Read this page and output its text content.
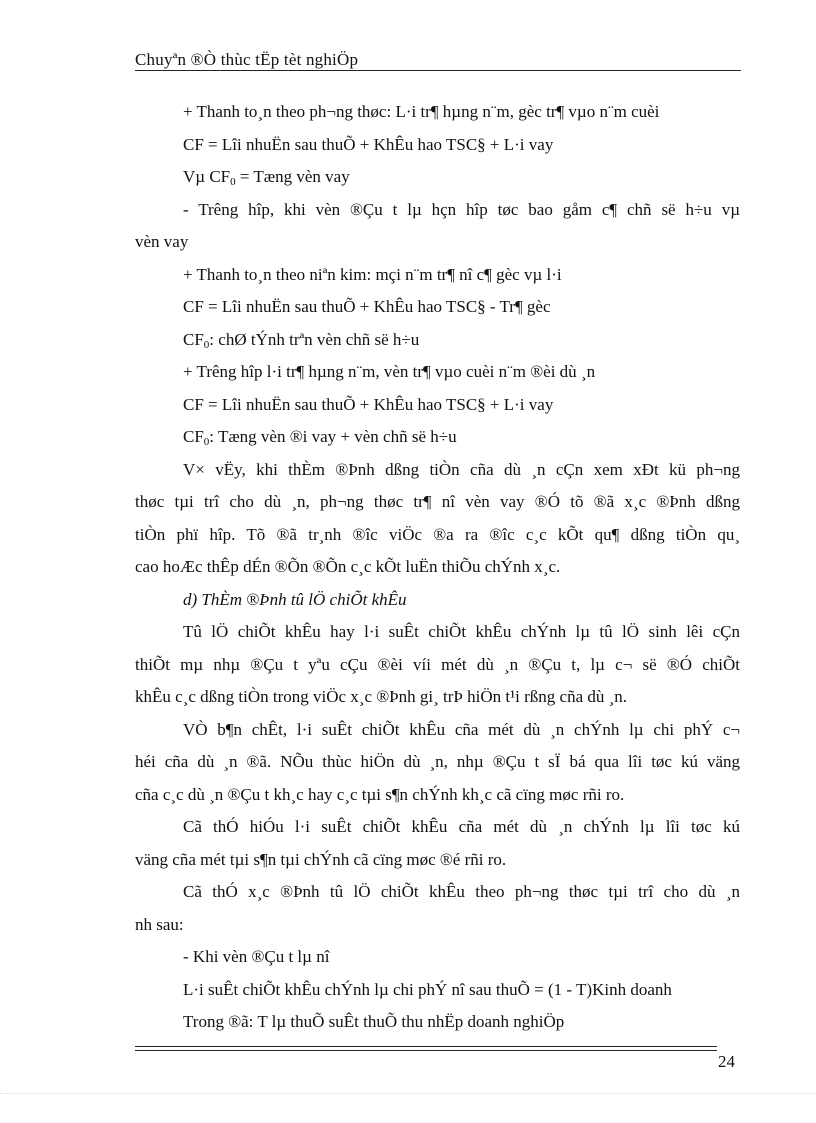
Chuyªn ®Ò thùc tËp tèt nghiÖp

+ Thanh to¸n theo ph¬ng thøc: L·i tr¶ hµng n¨m, gèc tr¶ vµo n¨m cuèi

CF = Lîi nhuËn sau thuÕ + KhÊu hao TSC§ + L·i vay

Vµ $CF_0$ = Tæng vèn vay

- Trêng hîp, khi vèn ®Çu t lµ hçn hîp tøc bao gåm c¶ chñ së h÷u vµ

vèn vay

+ Thanh to¸n theo niªn kim: mçi n¨m tr¶ nî c¶ gèc vµ l·i

CF = Lîi nhuËn sau thuÕ + KhÊu hao TSC§ - Tr¶ gèc

$CF_0$: chØ tÝnh trªn vèn chñ së h÷u

+ Trêng hîp l·i tr¶ hµng n¨m, vèn tr¶ vµo cuèi n¨m ®èi dù ¸n

CF = Lîi nhuËn sau thuÕ + KhÊu hao TSC§ + L·i vay

$CF_0$: Tæng vèn ®i vay + vèn chñ së h÷u

V× vËy, khi thÈm ®Þnh dßng tiÒn cña dù ¸n cÇn xem xÐt kü ph¬ng

thøc tµi trî cho dù ¸n, ph¬ng thøc tr¶ nî vèn vay ®Ó tõ ®ã x¸c ®Þnh dßng

tiÒn phï hîp. Tõ ®ã tr¸nh ®îc viÖc ®a ra ®îc c¸c kÕt qu¶ dßng tiÒn qu¸

cao hoÆc thÊp dÉn ®Õn ®Õn c¸c kÕt luËn thiÕu chÝnh x¸c.

d) ThÈm ®Þnh tû lÖ chiÕt khÊu

Tû lÖ chiÕt khÊu hay l·i suÊt chiÕt khÊu chÝnh lµ tû lÖ sinh lêi cÇn

thiÕt mµ nhµ ®Çu t yªu cÇu ®èi víi mét dù ¸n ®Çu t, lµ c¬ së ®Ó chiÕt

khÊu c¸c dßng tiÒn trong viÖc x¸c ®Þnh gi¸ trÞ hiÖn t¹i rßng cña dù ¸n.

VÒ b¶n chÊt, l·i suÊt chiÕt khÊu cña mét dù ¸n chÝnh lµ chi phÝ c¬

héi cña dù ¸n ®ã. NÕu thùc hiÖn dù ¸n, nhµ ®Çu t sÏ bá qua lîi tøc kú väng

cña c¸c dù ¸n ®Çu t kh¸c hay c¸c tµi s¶n chÝnh kh¸c cã cïng møc rñi ro.

Cã thÓ hiÓu l·i suÊt chiÕt khÊu cña mét dù ¸n chÝnh lµ lîi tøc kú

väng cña mét tµi s¶n tµi chÝnh cã cïng møc ®é rñi ro.

Cã thÓ x¸c ®Þnh tû lÖ chiÕt khÊu theo ph¬ng thøc tµi trî cho dù ¸n

nh sau:

- Khi vèn ®Çu t lµ nî

L·i suÊt chiÕt khÊu chÝnh lµ chi phÝ nî sau thuÕ = (1 - T)Kinh doanh

Trong ®ã: T lµ thuÕ suÊt thuÕ thu nhËp doanh nghiÖp

24
